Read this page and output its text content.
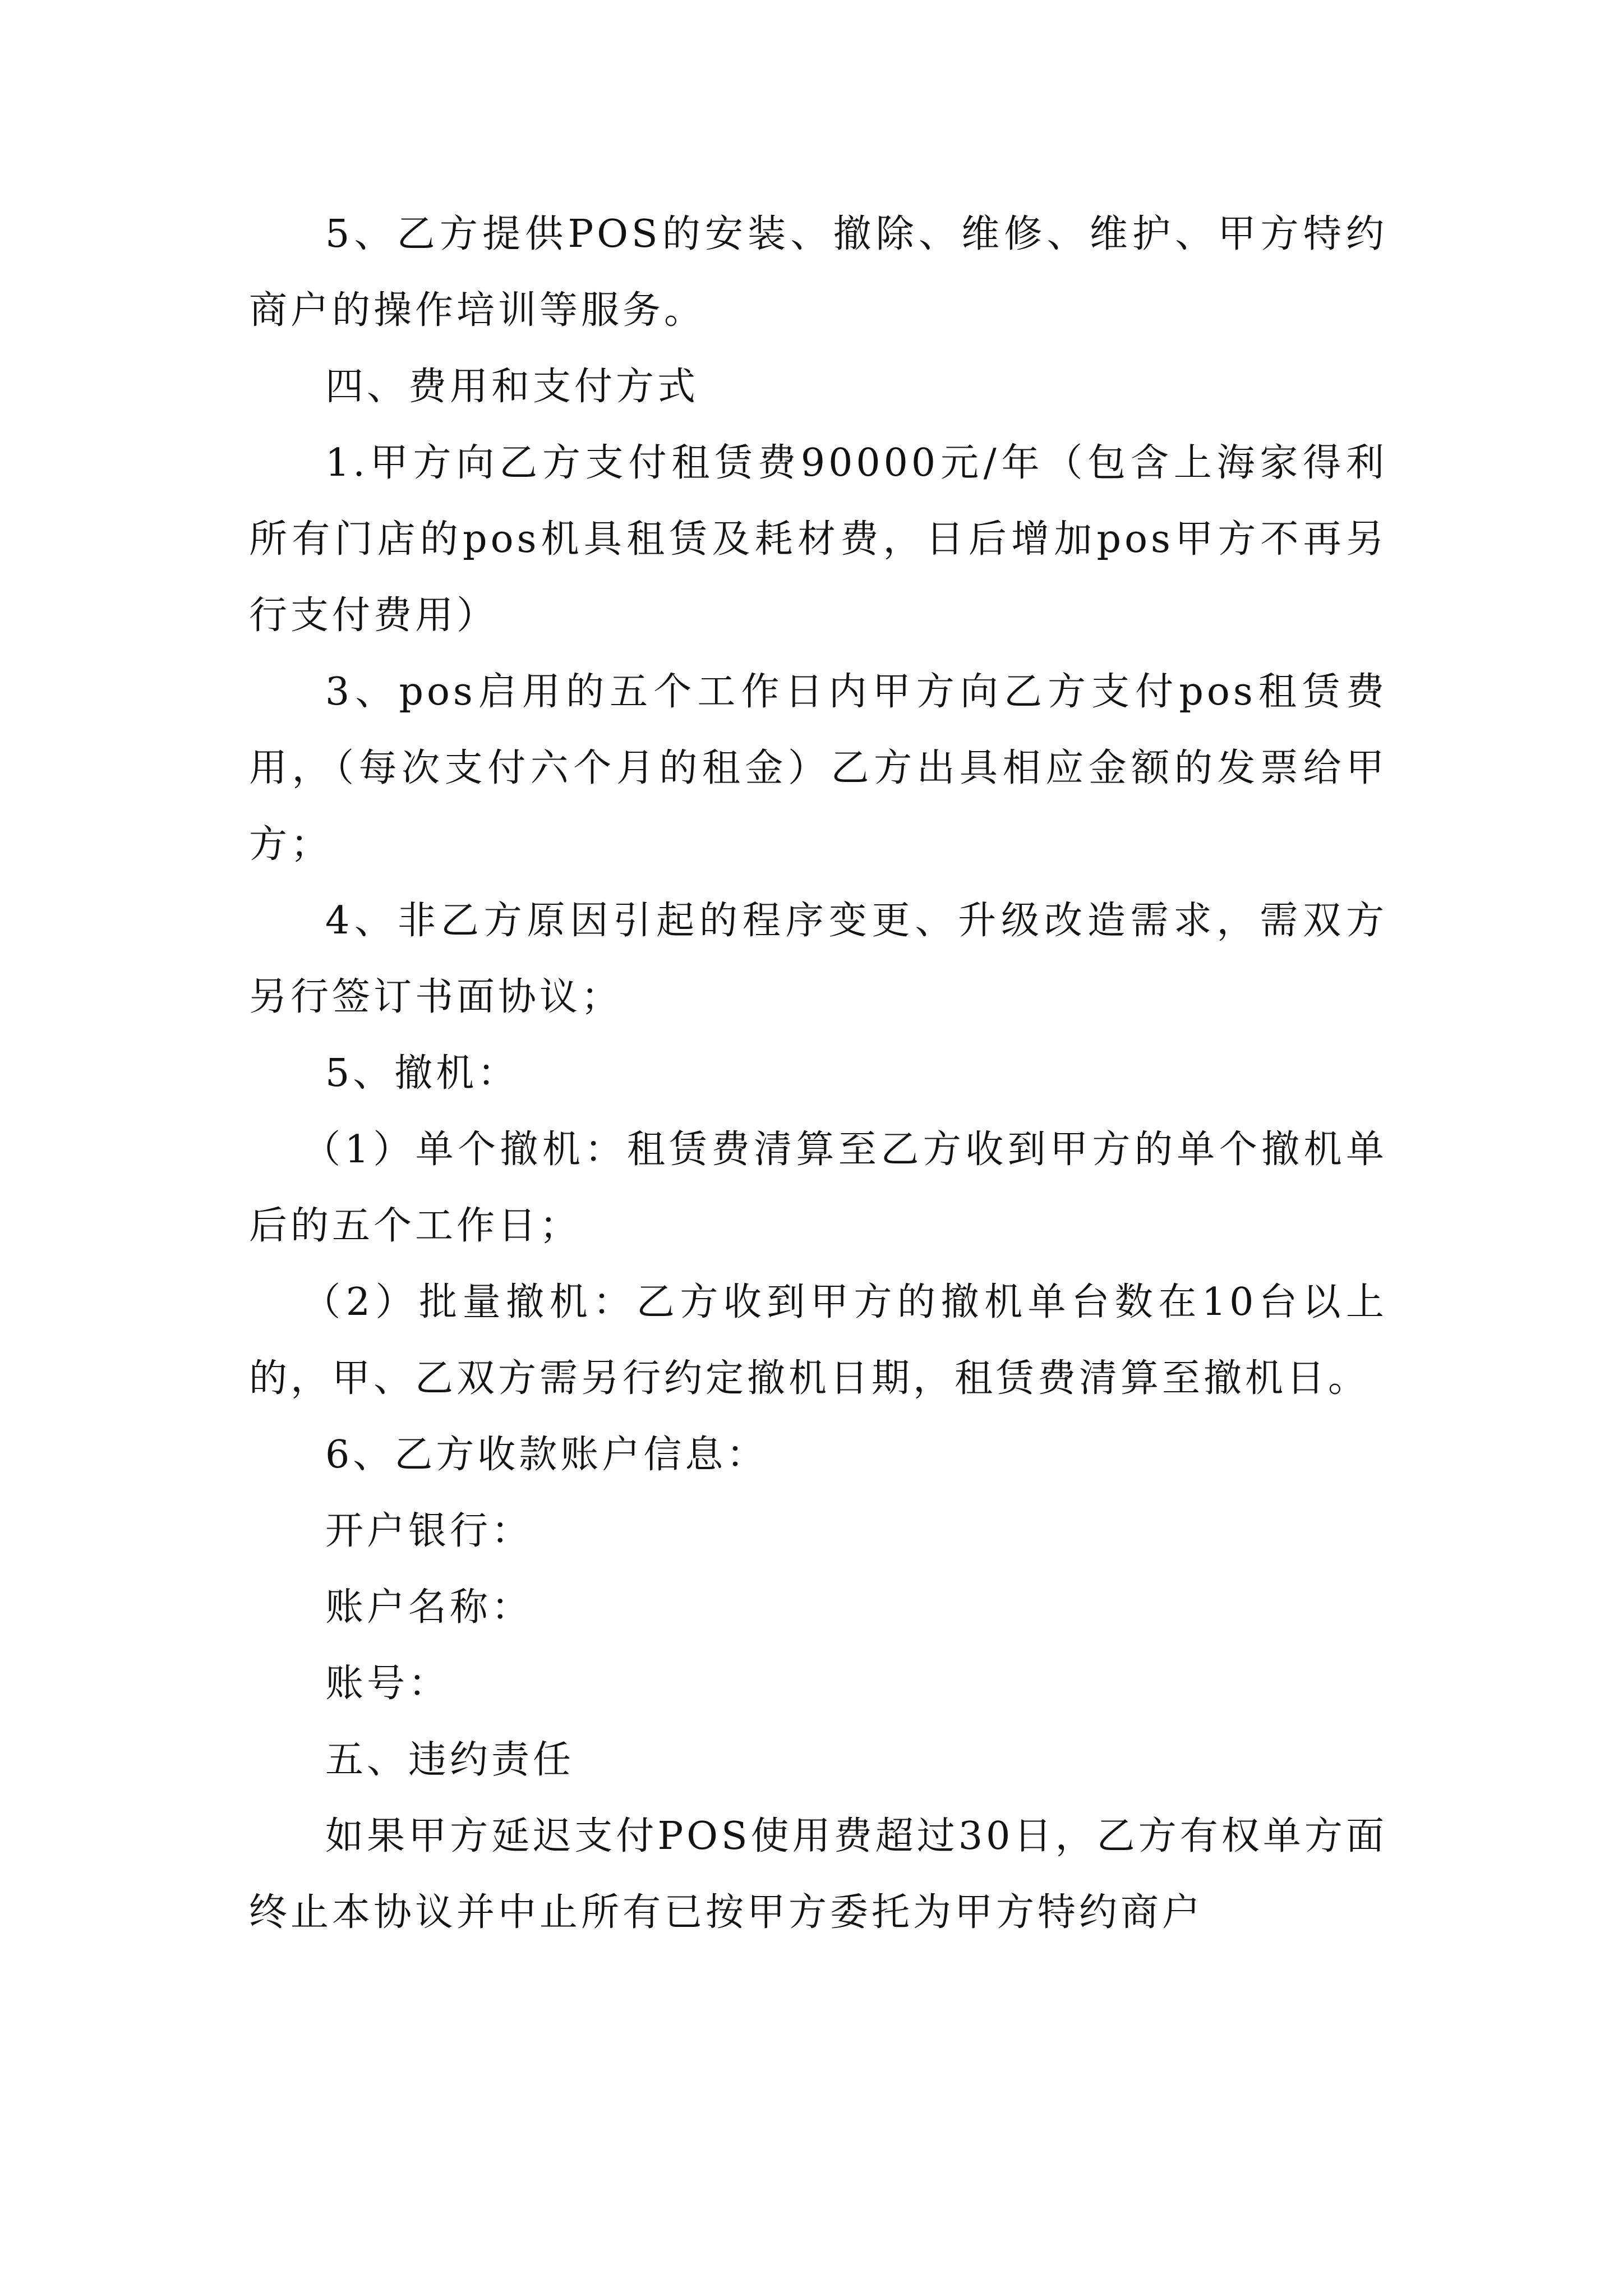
5、乙方提供POS的安装、撤除、维修、维护、甲方特约商户的操作培训等服务。

四、费用和支付方式

1.甲方向乙方支付租赁费90000元/年（包含上海家得利所有门店的pos机具租赁及耗材费，日后增加pos甲方不再另行支付费用）

3、pos启用的五个工作日内甲方向乙方支付pos租赁费用，（每次支付六个月的租金）乙方出具相应金额的发票给甲方；

4、非乙方原因引起的程序变更、升级改造需求，需双方另行签订书面协议；

5、撤机：

（1）单个撤机：租赁费清算至乙方收到甲方的单个撤机单后的五个工作日；

（2）批量撤机：乙方收到甲方的撤机单台数在10台以上的，甲、乙双方需另行约定撤机日期，租赁费清算至撤机日。

6、乙方收款账户信息：

开户银行：

账户名称：

账号：

五、违约责任

如果甲方延迟支付POS使用费超过30日，乙方有权单方面终止本协议并中止所有已按甲方委托为甲方特约商户
